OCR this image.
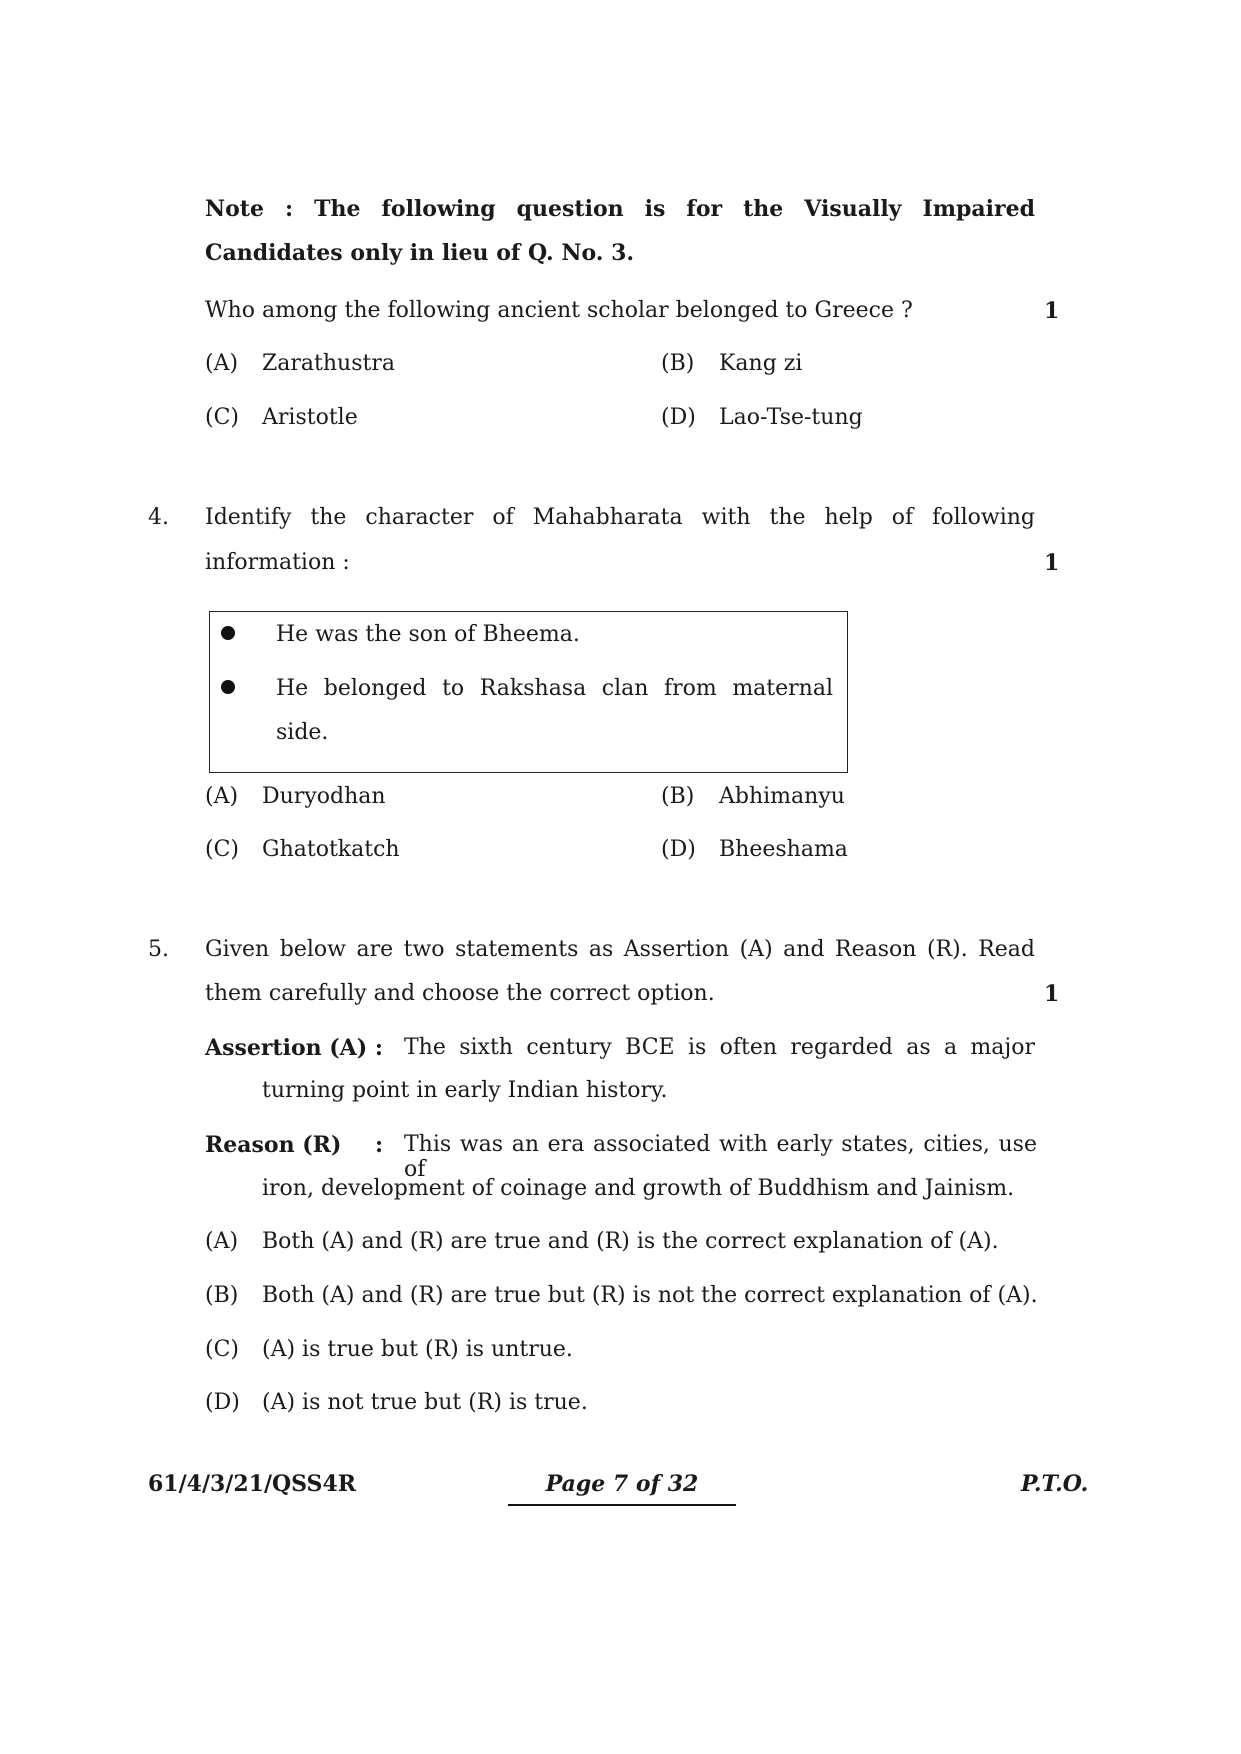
Note : The following question is for the Visually Impaired
Candidates only in lieu of Q. No. 3.
Who among the following ancient scholar belonged to Greece ?	1
(A) Zarathustra	(B) Kang zi
(C) Aristotle	(D) Lao-Tse-tung
4. Identify the character of Mahabharata with the help of following
information :	1
He was the son of Bheema.
He belonged to Rakshasa clan from maternal
side.
(A) Duryodhan	(B) Abhimanyu
(C) Ghatotkatch	(D) Bheeshama
5. Given below are two statements as Assertion (A) and Reason (R). Read
them carefully and choose the correct option.	1
Assertion (A) : The sixth century BCE is often regarded as a major
turning point in early Indian history.
Reason (R) : This was an era associated with early states, cities, use of
iron, development of coinage and growth of Buddhism and Jainism.
(A) Both (A) and (R) are true and (R) is the correct explanation of (A).
(B) Both (A) and (R) are true but (R) is not the correct explanation of (A).
(C) (A) is true but (R) is untrue.
(D) (A) is not true but (R) is true.
61/4/3/21/QSS4R	Page 7 of 32	P.T.O.
